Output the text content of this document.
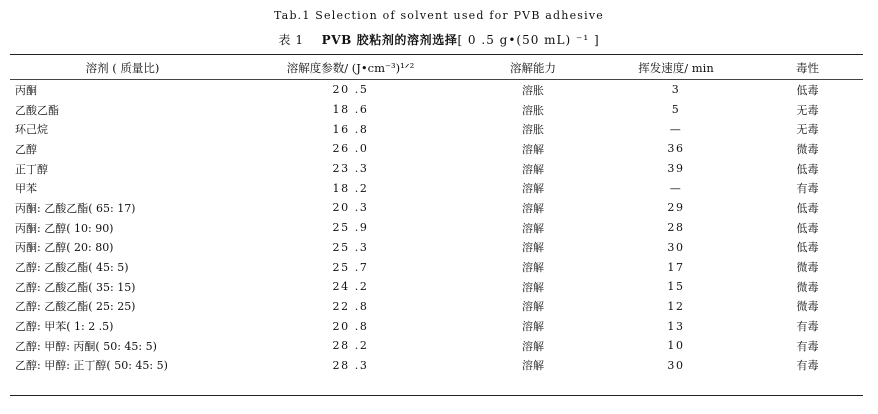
Tab.1 Selection of solvent used for PVB adhesive
表 1 PVB 胶粘剂的溶剂选择[ 0 .5 g•(50 mL) ⁻¹ ]
溶剂 ( 质量比)	溶解度参数/ (J•cm⁻³)¹ᐟ²	溶解能力	挥发速度/ min	毒性
丙酮	20 .5	溶胀	3	低毒
乙酸乙酯	18 .6	溶胀	5	无毒
环己烷	16 .8	溶胀	—	无毒
乙醇	26 .0	溶解	36	微毒
正丁醇	23 .3	溶解	39	低毒
甲苯	18 .2	溶解	—	有毒
丙酮: 乙酸乙酯( 65: 17)	20 .3	溶解	29	低毒
丙酮: 乙醇( 10: 90)	25 .9	溶解	28	低毒
丙酮: 乙醇( 20: 80)	25 .3	溶解	30	低毒
乙醇: 乙酸乙酯( 45: 5)	25 .7	溶解	17	微毒
乙醇: 乙酸乙酯( 35: 15)	24 .2	溶解	15	微毒
乙醇: 乙酸乙酯( 25: 25)	22 .8	溶解	12	微毒
乙醇: 甲苯( 1: 2 .5)	20 .8	溶解	13	有毒
乙醇: 甲醇: 丙酮( 50: 45: 5)	28 .2	溶解	10	有毒
乙醇: 甲醇: 正丁醇( 50: 45: 5)	28 .3	溶解	30	有毒
